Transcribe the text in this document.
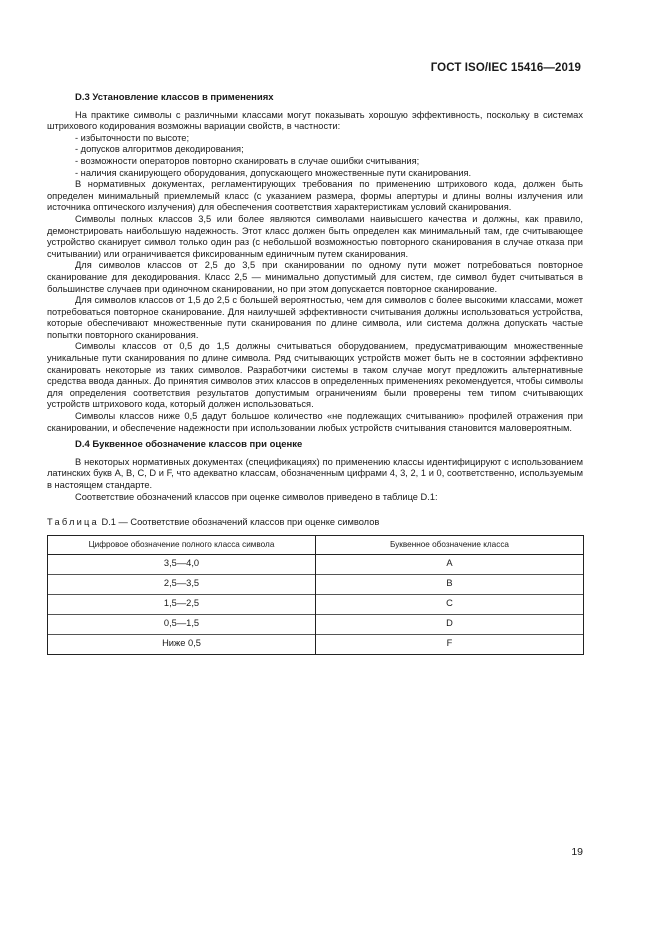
ГОСТ ISO/IEC 15416—2019
D.3 Установление классов в применениях

На практике символы с различными классами могут показывать хорошую эффективность, поскольку в системах штрихового кодирования возможны вариации свойств, в частности:

- избыточности по высоте;
- допусков алгоритмов декодирования;
- возможности операторов повторно сканировать в случае ошибки считывания;
- наличия сканирующего оборудования, допускающего множественные пути сканирования.

В нормативных документах, регламентирующих требования по применению штрихового кода, должен быть определен минимальный приемлемый класс (с указанием размера, формы апертуры и длины волны излучения или источника оптического излучения) для обеспечения соответствия характеристикам условий сканирования.

Символы полных классов 3,5 или более являются символами наивысшего качества и должны, как правило, демонстрировать наибольшую надежность. Этот класс должен быть определен как минимальный там, где считывающее устройство сканирует символ только один раз (с небольшой возможностью повторного сканирования в случае отказа при считывании) или ограничивается фиксированным единичным путем сканирования.

Для символов классов от 2,5 до 3,5 при сканировании по одному пути может потребоваться повторное сканирование для декодирования. Класс 2,5 — минимально допустимый для систем, где символ будет считываться в большинстве случаев при одиночном сканировании, но при этом допускается повторное сканирование.

Для символов классов от 1,5 до 2,5 с большей вероятностью, чем для символов с более высокими классами, может потребоваться повторное сканирование. Для наилучшей эффективности считывания должны использоваться устройства, которые обеспечивают множественные пути сканирования по длине символа, или система должна допускать частые попытки повторного сканирования.

Символы классов от 0,5 до 1,5 должны считываться оборудованием, предусматривающим множественные уникальные пути сканирования по длине символа. Ряд считывающих устройств может быть не в состоянии эффективно сканировать некоторые из таких символов. Разработчики системы в таком случае могут предложить альтернативные средства ввода данных. До принятия символов этих классов в определенных применениях рекомендуется, чтобы символы для определения соответствия результатов допустимым ограничениям были проверены тем типом считывающих устройств штрихового кода, который должен использоваться.

Символы классов ниже 0,5 дадут большое количество «не подлежащих считыванию» профилей отражения при сканировании, и обеспечение надежности при использовании любых устройств считывания становится маловероятным.

D.4 Буквенное обозначение классов при оценке

В некоторых нормативных документах (спецификациях) по применению классы идентифицируют с использованием латинских букв A, B, C, D и F, что адекватно классам, обозначенным цифрами 4, 3, 2, 1 и 0, соответственно, используемым в настоящем стандарте.

Соответствие обозначений классов при оценке символов приведено в таблице D.1:

Таблица D.1 — Соответствие обозначений классов при оценке символов
Цифровое обозначение полного класса символа	Буквенное обозначение класса
3,5—4,0	A
2,5—3,5	B
1,5—2,5	C
0,5—1,5	D
Ниже 0,5	F
19
